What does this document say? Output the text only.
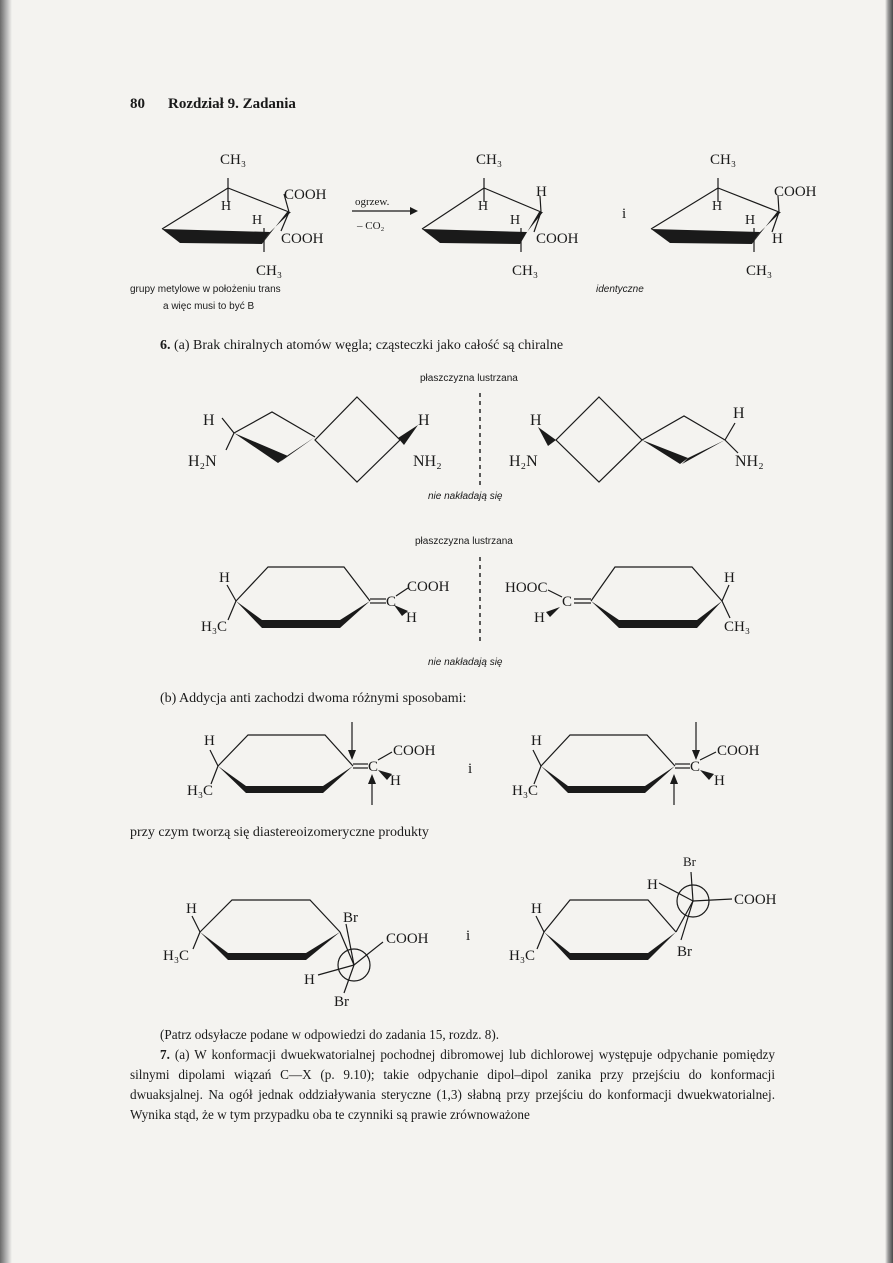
80 Rozdział 9. Zadania
CH₃
H
H
COOH
COOH
CH₃
ogrzew.
– CO₂
CH₃
H
H
H
COOH
CH₃
i
CH₃
H
H
COOH
H
CH₃
grupy metylowe w położeniu trans
a więc musi to być B
identyczne
6. (a) Brak chiralnych atomów węgla; cząsteczki jako całość są chiralne
płaszczyzna lustrzana
H
H₂N
H
NH₂
H
H₂N
H
NH₂
nie nakładają się
płaszczyzna lustrzana
H
H₃C
C
COOH
H
HOOC
C
H
H
CH₃
nie nakładają się
(b) Addycja anti zachodzi dwoma różnymi sposobami:
H
H₃C
C
COOH
H
i
H
H₃C
C
COOH
H
przy czym tworzą się diastereoizomeryczne produkty
H
H₃C
Br
COOH
H
Br
i
H
H₃C
Br
H
COOH
Br
(Patrz odsyłacze podane w odpowiedzi do zadania 15, rozdz. 8).
7. (a) W konformacji dwuekwatorialnej pochodnej dibromowej lub dichlorowej występuje odpychanie pomiędzy silnymi dipolami wiązań C—X (p. 9.10); takie odpychanie dipol–dipol zanika przy przejściu do konformacji dwuaksjalnej. Na ogół jednak oddziaływania steryczne (1,3) słabną przy przejściu do konformacji dwuekwatorialnej. Wynika stąd, że w tym przypadku oba te czynniki są prawie zrównoważone
